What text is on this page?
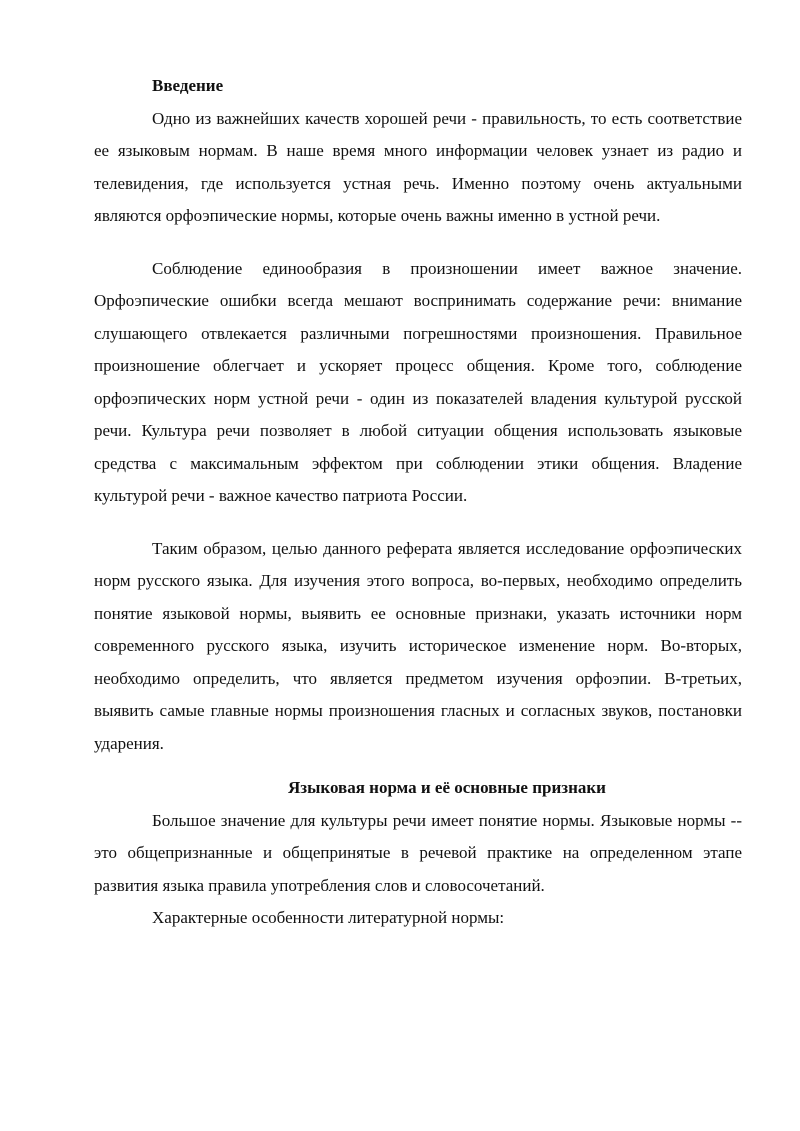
Введение

Одно из важнейших качеств хорошей речи - правильность, то есть соответствие ее языковым нормам. В наше время много информации человек узнает из радио и телевидения, где используется устная речь. Именно поэтому очень актуальными являются орфоэпические нормы, которые очень важны именно в устной речи.

Соблюдение единообразия в произношении имеет важное значение. Орфоэпические ошибки всегда мешают воспринимать содержание речи: внимание слушающего отвлекается различными погрешностями произношения. Правильное произношение облегчает и ускоряет процесс общения. Кроме того, соблюдение орфоэпических норм устной речи - один из показателей владения культурой русской речи. Культура речи позволяет в любой ситуации общения использовать языковые средства с максимальным эффектом при соблюдении этики общения. Владение культурой речи - важное качество патриота России.

Таким образом, целью данного реферата является исследование орфоэпических норм русского языка. Для изучения этого вопроса, во-первых, необходимо определить понятие языковой нормы, выявить ее основные признаки, указать источники норм современного русского языка, изучить историческое изменение норм. Во-вторых, необходимо определить, что является предметом изучения орфоэпии. В-третьих, выявить самые главные нормы произношения гласных и согласных звуков, постановки ударения.

Языковая норма и её основные признаки

Большое значение для культуры речи имеет понятие нормы. Языковые нормы -- это общепризнанные и общепринятые в речевой практике на определенном этапе развития языка правила употребления слов и словосочетаний.

Характерные особенности литературной нормы:
